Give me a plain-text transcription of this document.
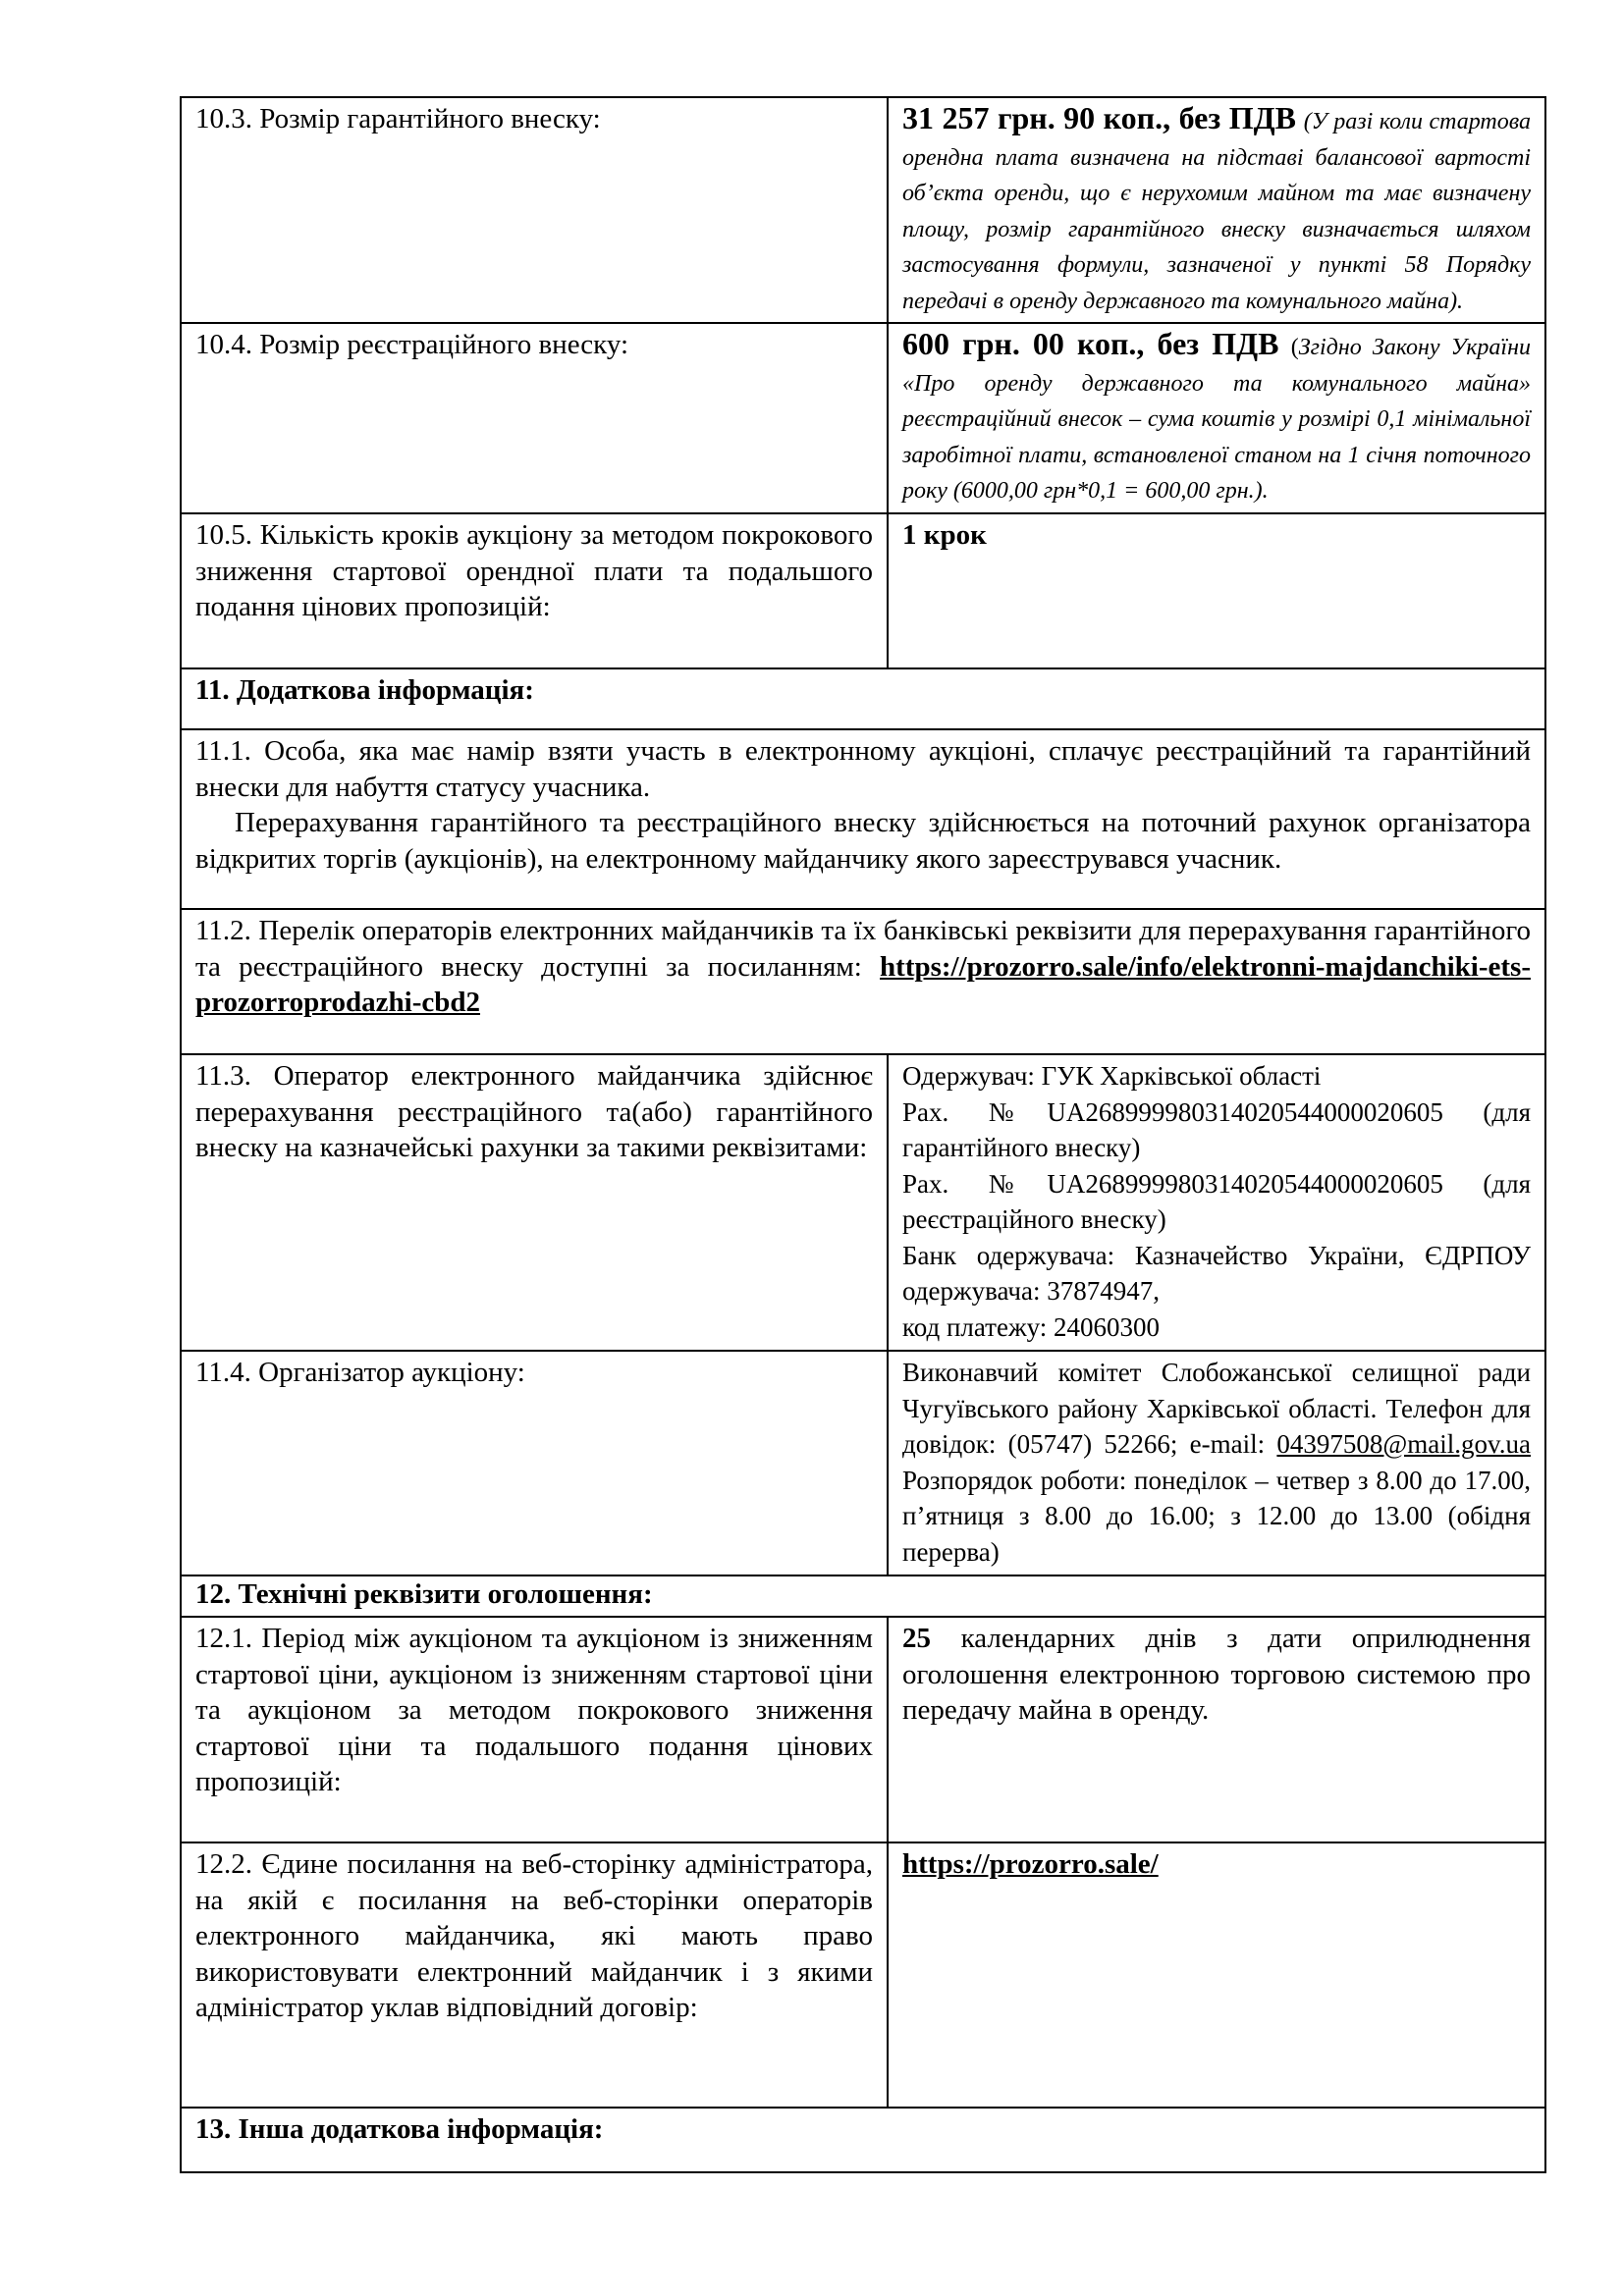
10.3. Розмір гарантійного внеску:	31 257 грн. 90 коп., без ПДВ (У разі коли стартова орендна плата визначена на підставі балансової вартості об’єкта оренди, що є нерухомим майном та має визначену площу, розмір гарантійного внеску визначається шляхом застосування формули, зазначеної у пункті 58 Порядку передачі в оренду державного та комунального майна).
10.4. Розмір реєстраційного внеску:	600 грн. 00 коп., без ПДВ (Згідно Закону України «Про оренду державного та комунального майна» реєстраційний внесок – сума коштів у розмірі 0,1 мінімальної заробітної плати, встановленої станом на 1 січня поточного року (6000,00 грн*0,1 = 600,00 грн.).
10.5. Кількість кроків аукціону за методом покрокового зниження стартової орендної плати та подальшого подання цінових пропозицій:	1 крок
11. Додаткова інформація:	

11.1. Особа, яка має намір взяти участь в електронному аукціоні, сплачує реєстраційний та гарантійний внески для набуття статусу учасника.

Перерахування гарантійного та реєстраційного внеску здійснюється на поточний рахунок організатора відкритих торгів (аукціонів), на електронному майданчику якого зареєструвався учасник.	

11.2. Перелік операторів електронних майданчиків та їх банківські реквізити для перерахування гарантійного та реєстраційного внеску доступні за посиланням: https://prozorro.sale/info/elektronni-majdanchiki-ets-prozorroprodazhi-cbd2	
11.3. Оператор електронного майданчика здійснює перерахування реєстраційного та(або) гарантійного внеску на казначейські рахунки за такими реквізитами:	Одержувач: ГУК Харківської області

Рах. №UA268999980314020544000020605 (для гарантійного внеску)

Рах. №UA268999980314020544000020605 (для реєстраційного внеску)

Банк одержувача: Казначейство України, ЄДРПОУ одержувача: 37874947,

код платежу: 24060300

11.4. Організатор аукціону:	Виконавчий комітет Слобожанської селищної ради Чугуївського району Харківської області. Телефон для довідок: (05747) 52266; e-mail: 04397508@mail.gov.ua Розпорядок роботи: понеділок – четвер з 8.00 до 17.00, п’ятниця з 8.00 до 16.00; з 12.00 до 13.00 (обідня перерва)
12. Технічні реквізити оголошення:	
12.1. Період між аукціоном та аукціоном із зниженням стартової ціни, аукціоном із зниженням стартової ціни та аукціоном за методом покрокового зниження стартової ціни та подальшого подання цінових пропозицій:	25 календарних днів з дати оприлюднення оголошення електронною торговою системою про передачу майна в оренду.
12.2. Єдине посилання на веб-сторінку адміністратора, на якій є посилання на веб-сторінки операторів електронного майданчика, які мають право використовувати електронний майданчик і з якими адміністратор уклав відповідний договір:	https://prozorro.sale/
13. Інша додаткова інформація:	
